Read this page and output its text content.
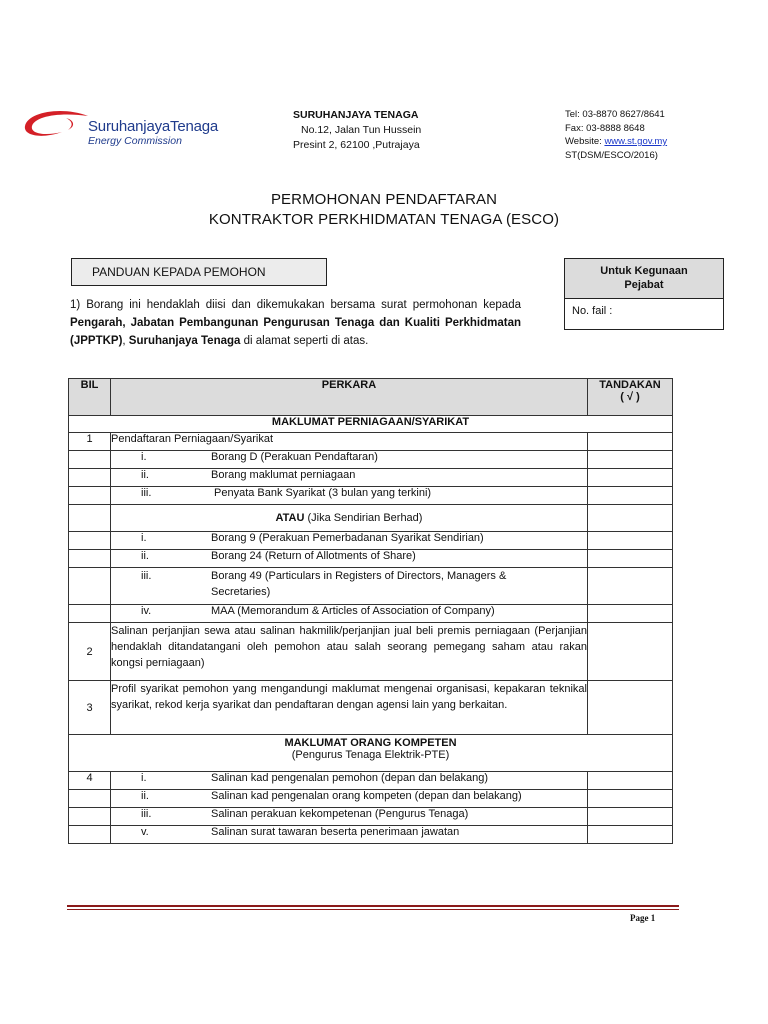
SuruhanjayaTenaga
Energy Commission
SURUHANJAYA TENAGA
No.12, Jalan Tun Hussein
Presint 2, 62100 ,Putrajaya
Tel: 03-8870 8627/8641
Fax: 03-8888 8648
Website: www.st.gov.my
ST(DSM/ESCO/2016)
PERMOHONAN PENDAFTARAN
KONTRAKTOR PERKHIDMATAN TENAGA (ESCO)
PANDUAN KEPADA PEMOHON	Untuk Kegunaan Pejabat
No. fail :
1) Borang ini hendaklah diisi dan dikemukakan bersama surat permohonan kepada Pengarah, Jabatan Pembangunan Pengurusan Tenaga dan Kualiti Perkhidmatan (JPPTKP), Suruhanjaya Tenaga di alamat seperti di atas.
BIL	PERKARA	TANDAKAN
( √ )

MAKLUMAT PERNIAGAAN/SYARIKAT		
1	Pendaftaran Perniagaan/Syarikat	

	i. Borang D (Perakuan Pendaftaran)	

	ii. Borang maklumat perniagaan	

	iii. Penyata Bank Syarikat (3 bulan yang terkini)	

	ATAU (Jika Sendirian Berhad)	

	i. Borang 9 (Perakuan Pemerbadanan Syarikat Sendirian)	

	ii. Borang 24 (Return of Allotments of Share)	

	iii. Borang 49 (Particulars in Registers of Directors, Managers & Secretaries)	

	iv. MAA (Memorandum & Articles of Association of Company)	

2	Salinan perjanjian sewa atau salinan hakmilik/perjanjian jual beli premis perniagaan (Perjanjian hendaklah ditandatangani oleh pemohon atau salah seorang pemegang saham atau rakan kongsi perniagaan)	
3	Profil syarikat pemohon yang mengandungi maklumat mengenai organisasi, kepakaran teknikal syarikat, rekod kerja syarikat dan pendaftaran dengan agensi lain yang berkaitan.	

MAKLUMAT ORANG KOMPETEN
(Pengurus Tenaga Elektrik-PTE)		

4	i. Salinan kad pengenalan pemohon (depan dan belakang)	

	ii. Salinan kad pengenalan orang kompeten (depan dan belakang)	

	iii. Salinan perakuan kekompetenan (Pengurus Tenaga)	

	v. Salinan surat tawaran beserta penerimaan jawatan	

Page 1
